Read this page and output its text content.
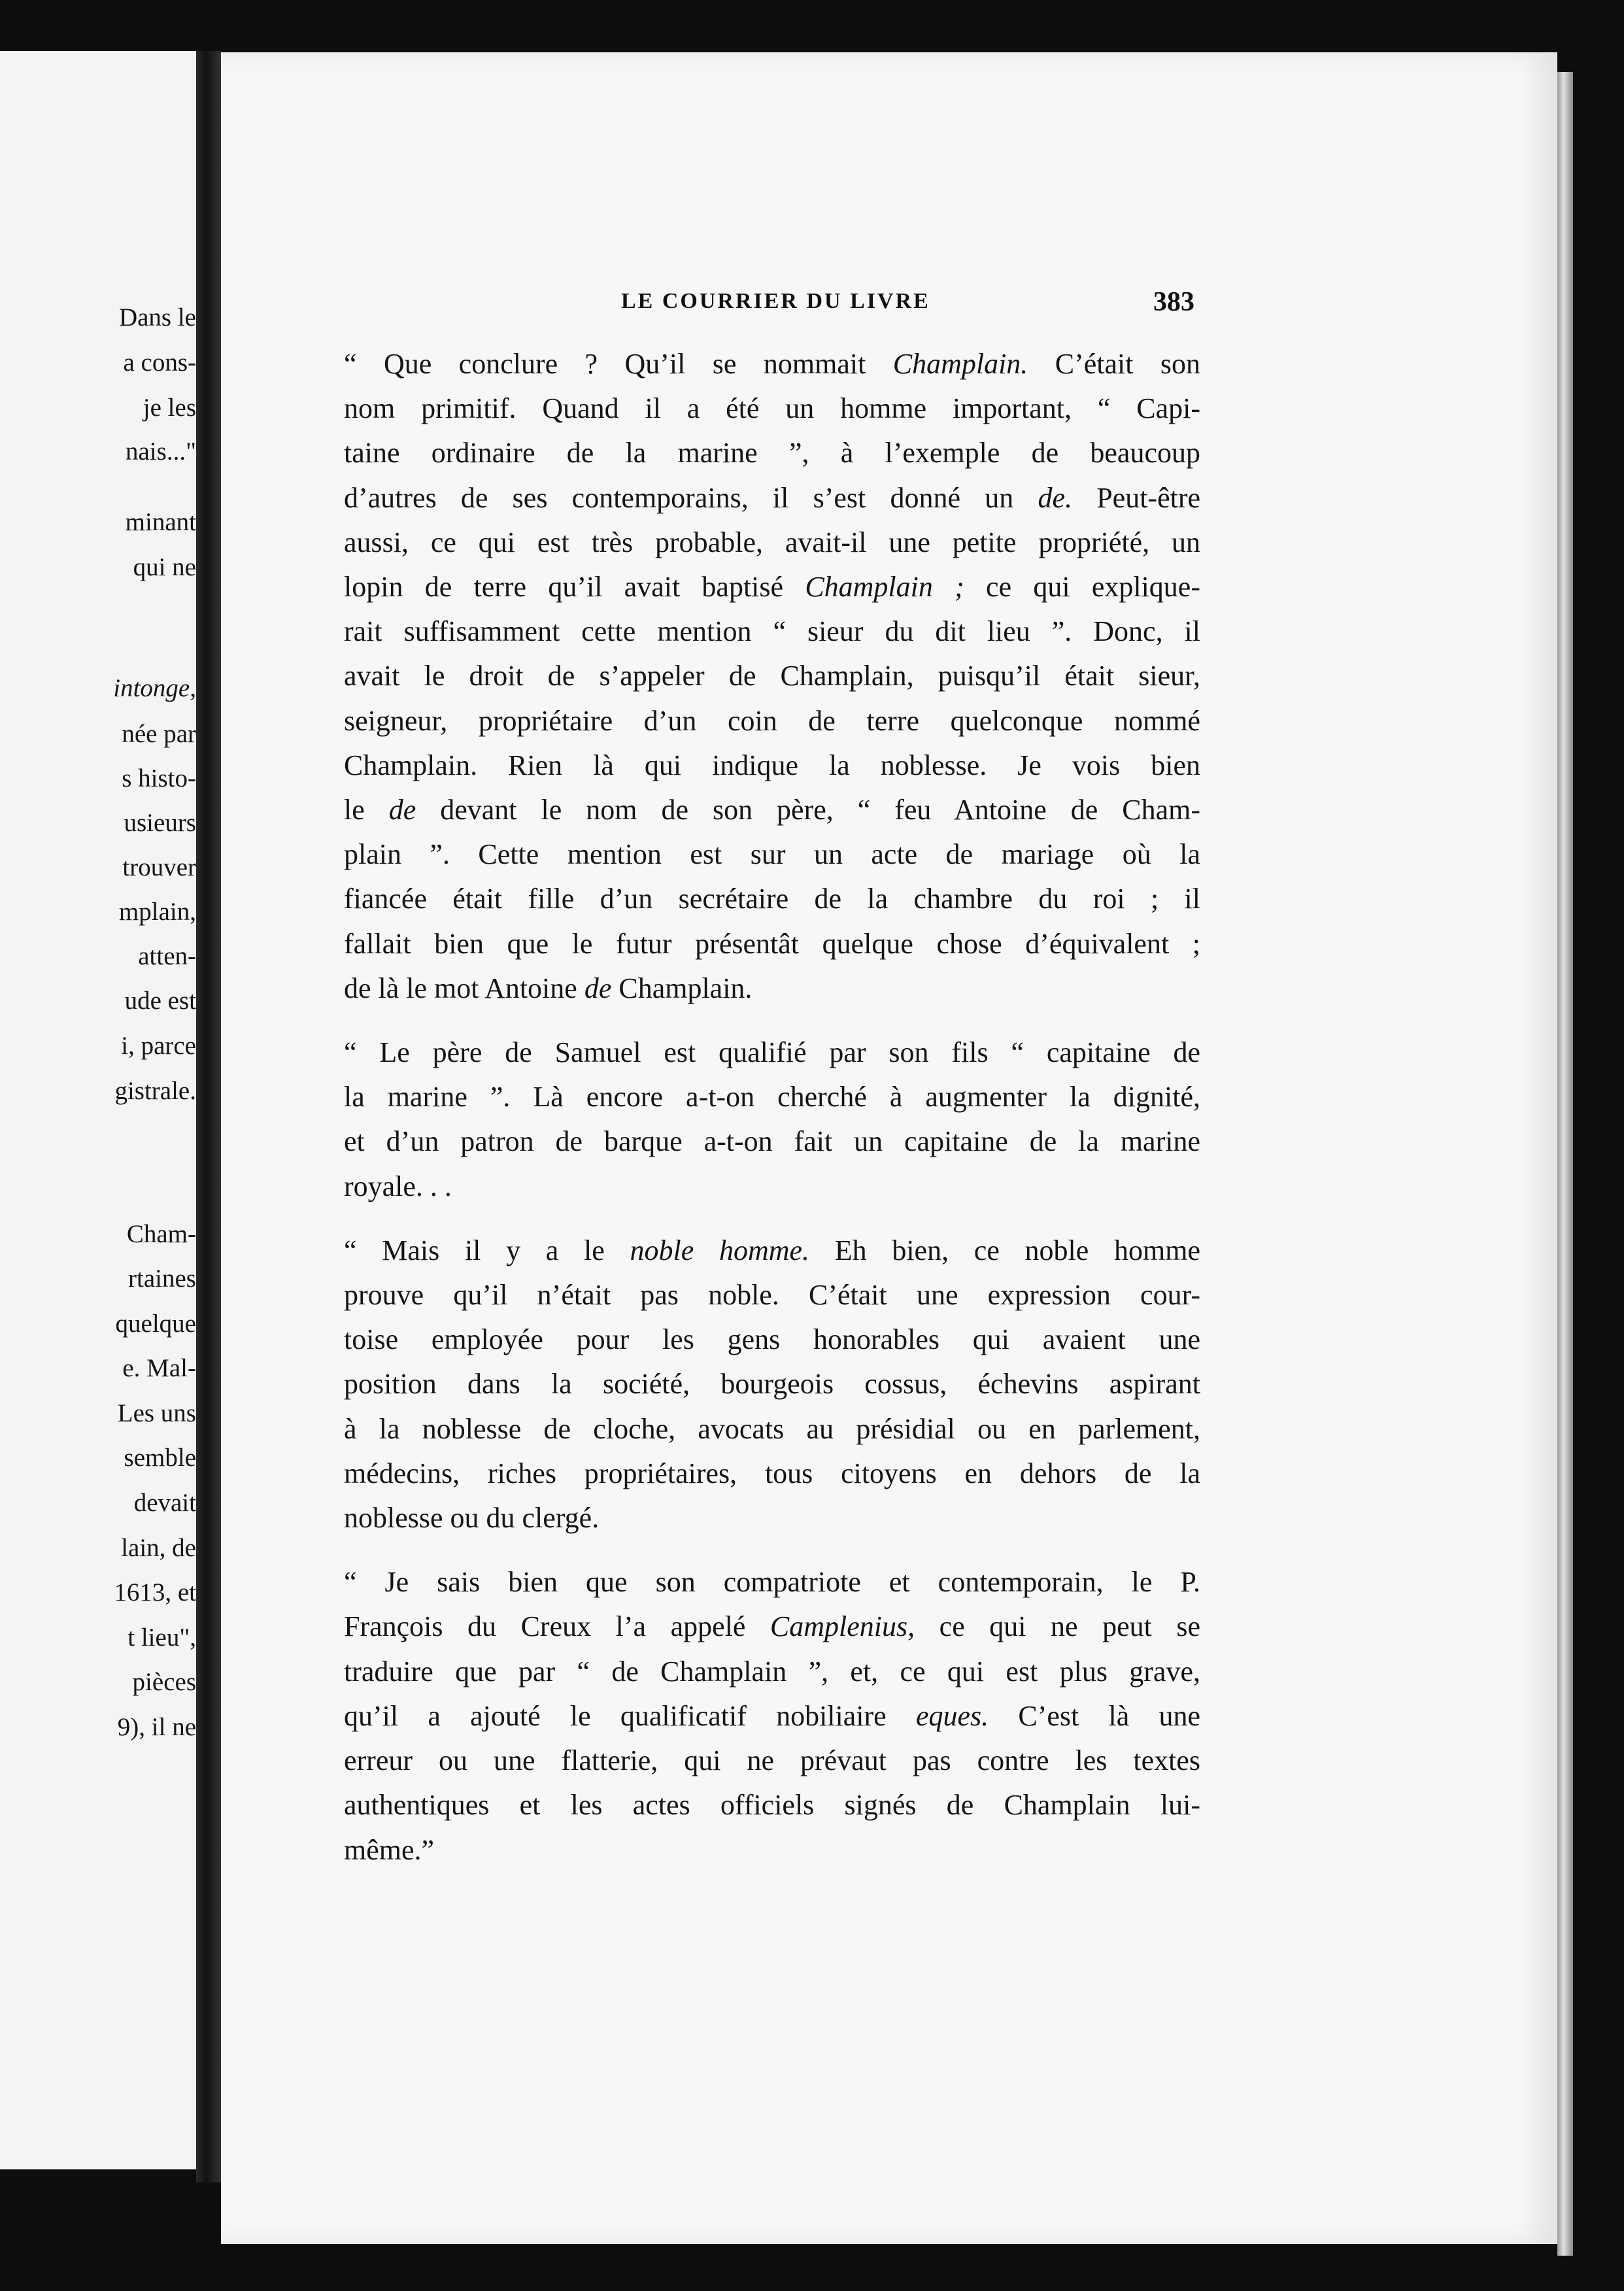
Dans le

a cons-

je les

nais..."

minant

qui ne

intonge,

née par

s histo-

usieurs

trouver

mplain,

atten-

ude est

i, parce

gistrale.

Cham-

rtaines

quelque

e. Mal-

Les uns

semble

devait

lain, de

1613, et

t lieu",

pièces

9), il ne

LE COURRIER DU LIVRE	383

“ Que conclure ? Qu’il se nommait Champlain. C’était son
nom primitif. Quand il a été un homme important, “ Capi-
taine ordinaire de la marine ”, à l’exemple de beaucoup
d’autres de ses contemporains, il s’est donné un de. Peut-être
aussi, ce qui est très probable, avait-il une petite propriété, un
lopin de terre qu’il avait baptisé Champlain ; ce qui explique-
rait suffisamment cette mention “ sieur du dit lieu ”. Donc, il
avait le droit de s’appeler de Champlain, puisqu’il était sieur,
seigneur, propriétaire d’un coin de terre quelconque nommé
Champlain. Rien là qui indique la noblesse. Je vois bien
le de devant le nom de son père, “ feu Antoine de Cham-
plain ”. Cette mention est sur un acte de mariage où la
fiancée était fille d’un secrétaire de la chambre du roi ; il
fallait bien que le futur présentât quelque chose d’équivalent ;
de là le mot Antoine de Champlain.

“ Le père de Samuel est qualifié par son fils “ capitaine de
la marine ”. Là encore a-t-on cherché à augmenter la dignité,
et d’un patron de barque a-t-on fait un capitaine de la marine
royale. . .

“ Mais il y a le noble homme. Eh bien, ce noble homme
prouve qu’il n’était pas noble. C’était une expression cour-
toise employée pour les gens honorables qui avaient une
position dans la société, bourgeois cossus, échevins aspirant
à la noblesse de cloche, avocats au présidial ou en parlement,
médecins, riches propriétaires, tous citoyens en dehors de la
noblesse ou du clergé.

“ Je sais bien que son compatriote et contemporain, le P.
François du Creux l’a appelé Camplenius, ce qui ne peut se
traduire que par “ de Champlain ”, et, ce qui est plus grave,
qu’il a ajouté le qualificatif nobiliaire eques. C’est là une
erreur ou une flatterie, qui ne prévaut pas contre les textes
authentiques et les actes officiels signés de Champlain lui-
même.”
